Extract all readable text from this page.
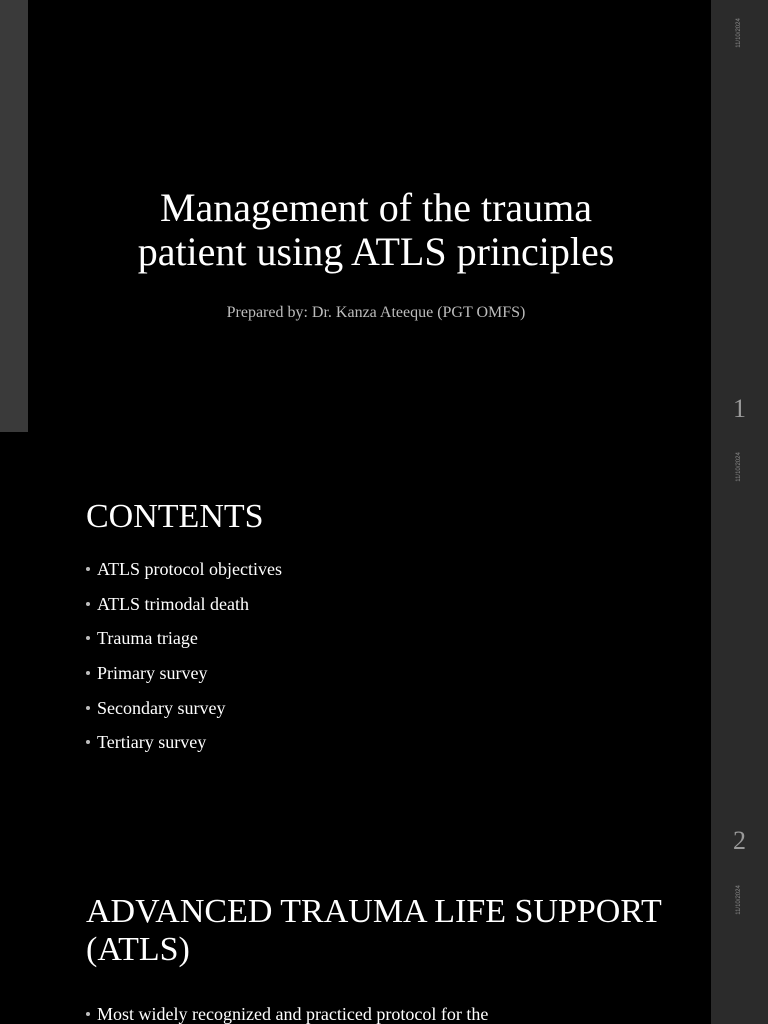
11/10/2024
1
Management of the trauma
patient using ATLS principles
Prepared by: Dr. Kanza Ateeque (PGT OMFS)
11/10/2024
2
CONTENTS
ATLS protocol objectives
ATLS trimodal death
Trauma triage
Primary survey
Secondary survey
Tertiary survey
11/10/2024
ADVANCED TRAUMA LIFE SUPPORT
(ATLS)
Most widely recognized and practiced protocol for the
